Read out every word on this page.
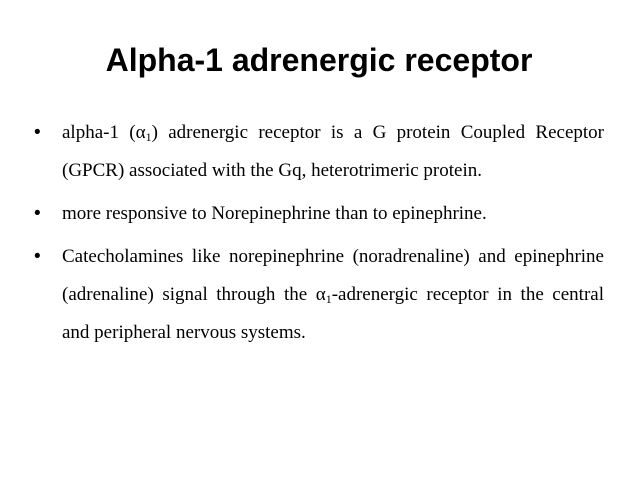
Alpha-1 adrenergic receptor
• alpha-1 $(\alpha_1)$ adrenergic receptor is a G protein Coupled Receptor (GPCR) associated with the Gq, heterotrimeric protein.
• more responsive to Norepinephrine than to epinephrine.
• Catecholamines like norepinephrine (noradrenaline) and epinephrine (adrenaline) signal through the $\alpha_1$-adrenergic receptor in the central and peripheral nervous systems.
